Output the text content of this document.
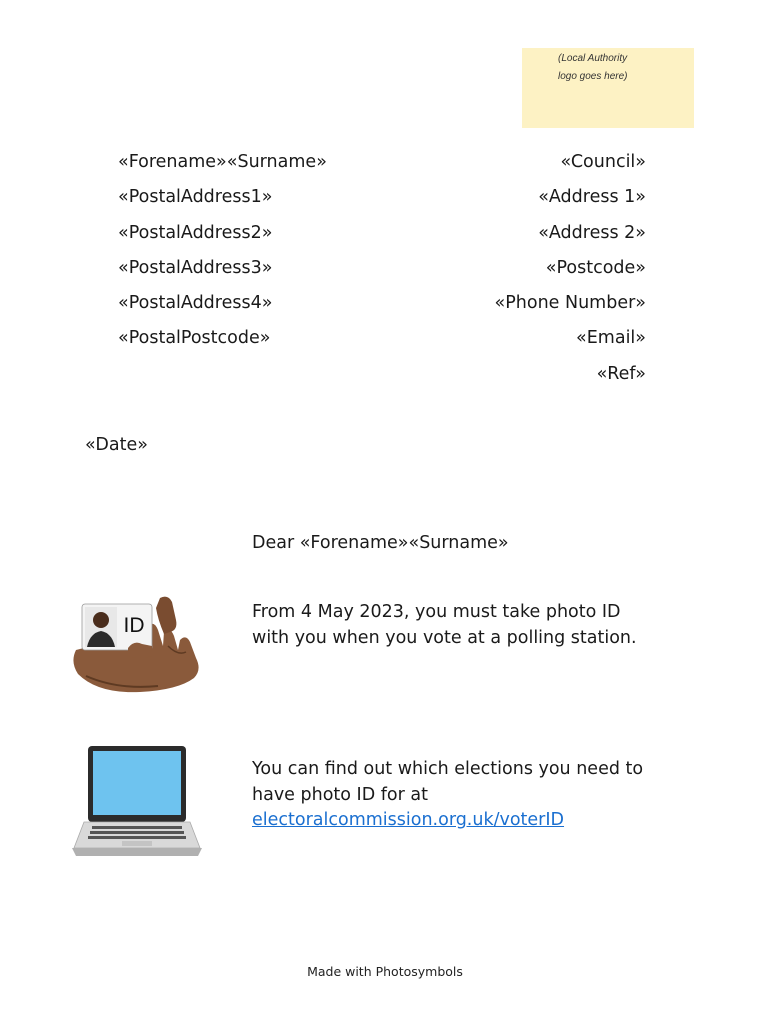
(Local Authority
logo goes here)
«Forename»«Surname»
«PostalAddress1»
«PostalAddress2»
«PostalAddress3»
«PostalAddress4»
«PostalPostcode»
«Council»
«Address 1»
«Address 2»
«Postcode»
«Phone Number»
«Email»
«Ref»
«Date»
Dear «Forename»«Surname»
ID
From 4 May 2023, you must take photo ID with you when you vote at a polling station.
You can find out which elections you need to have photo ID for at electoralcommission.org.uk/voterID
Made with Photosymbols
